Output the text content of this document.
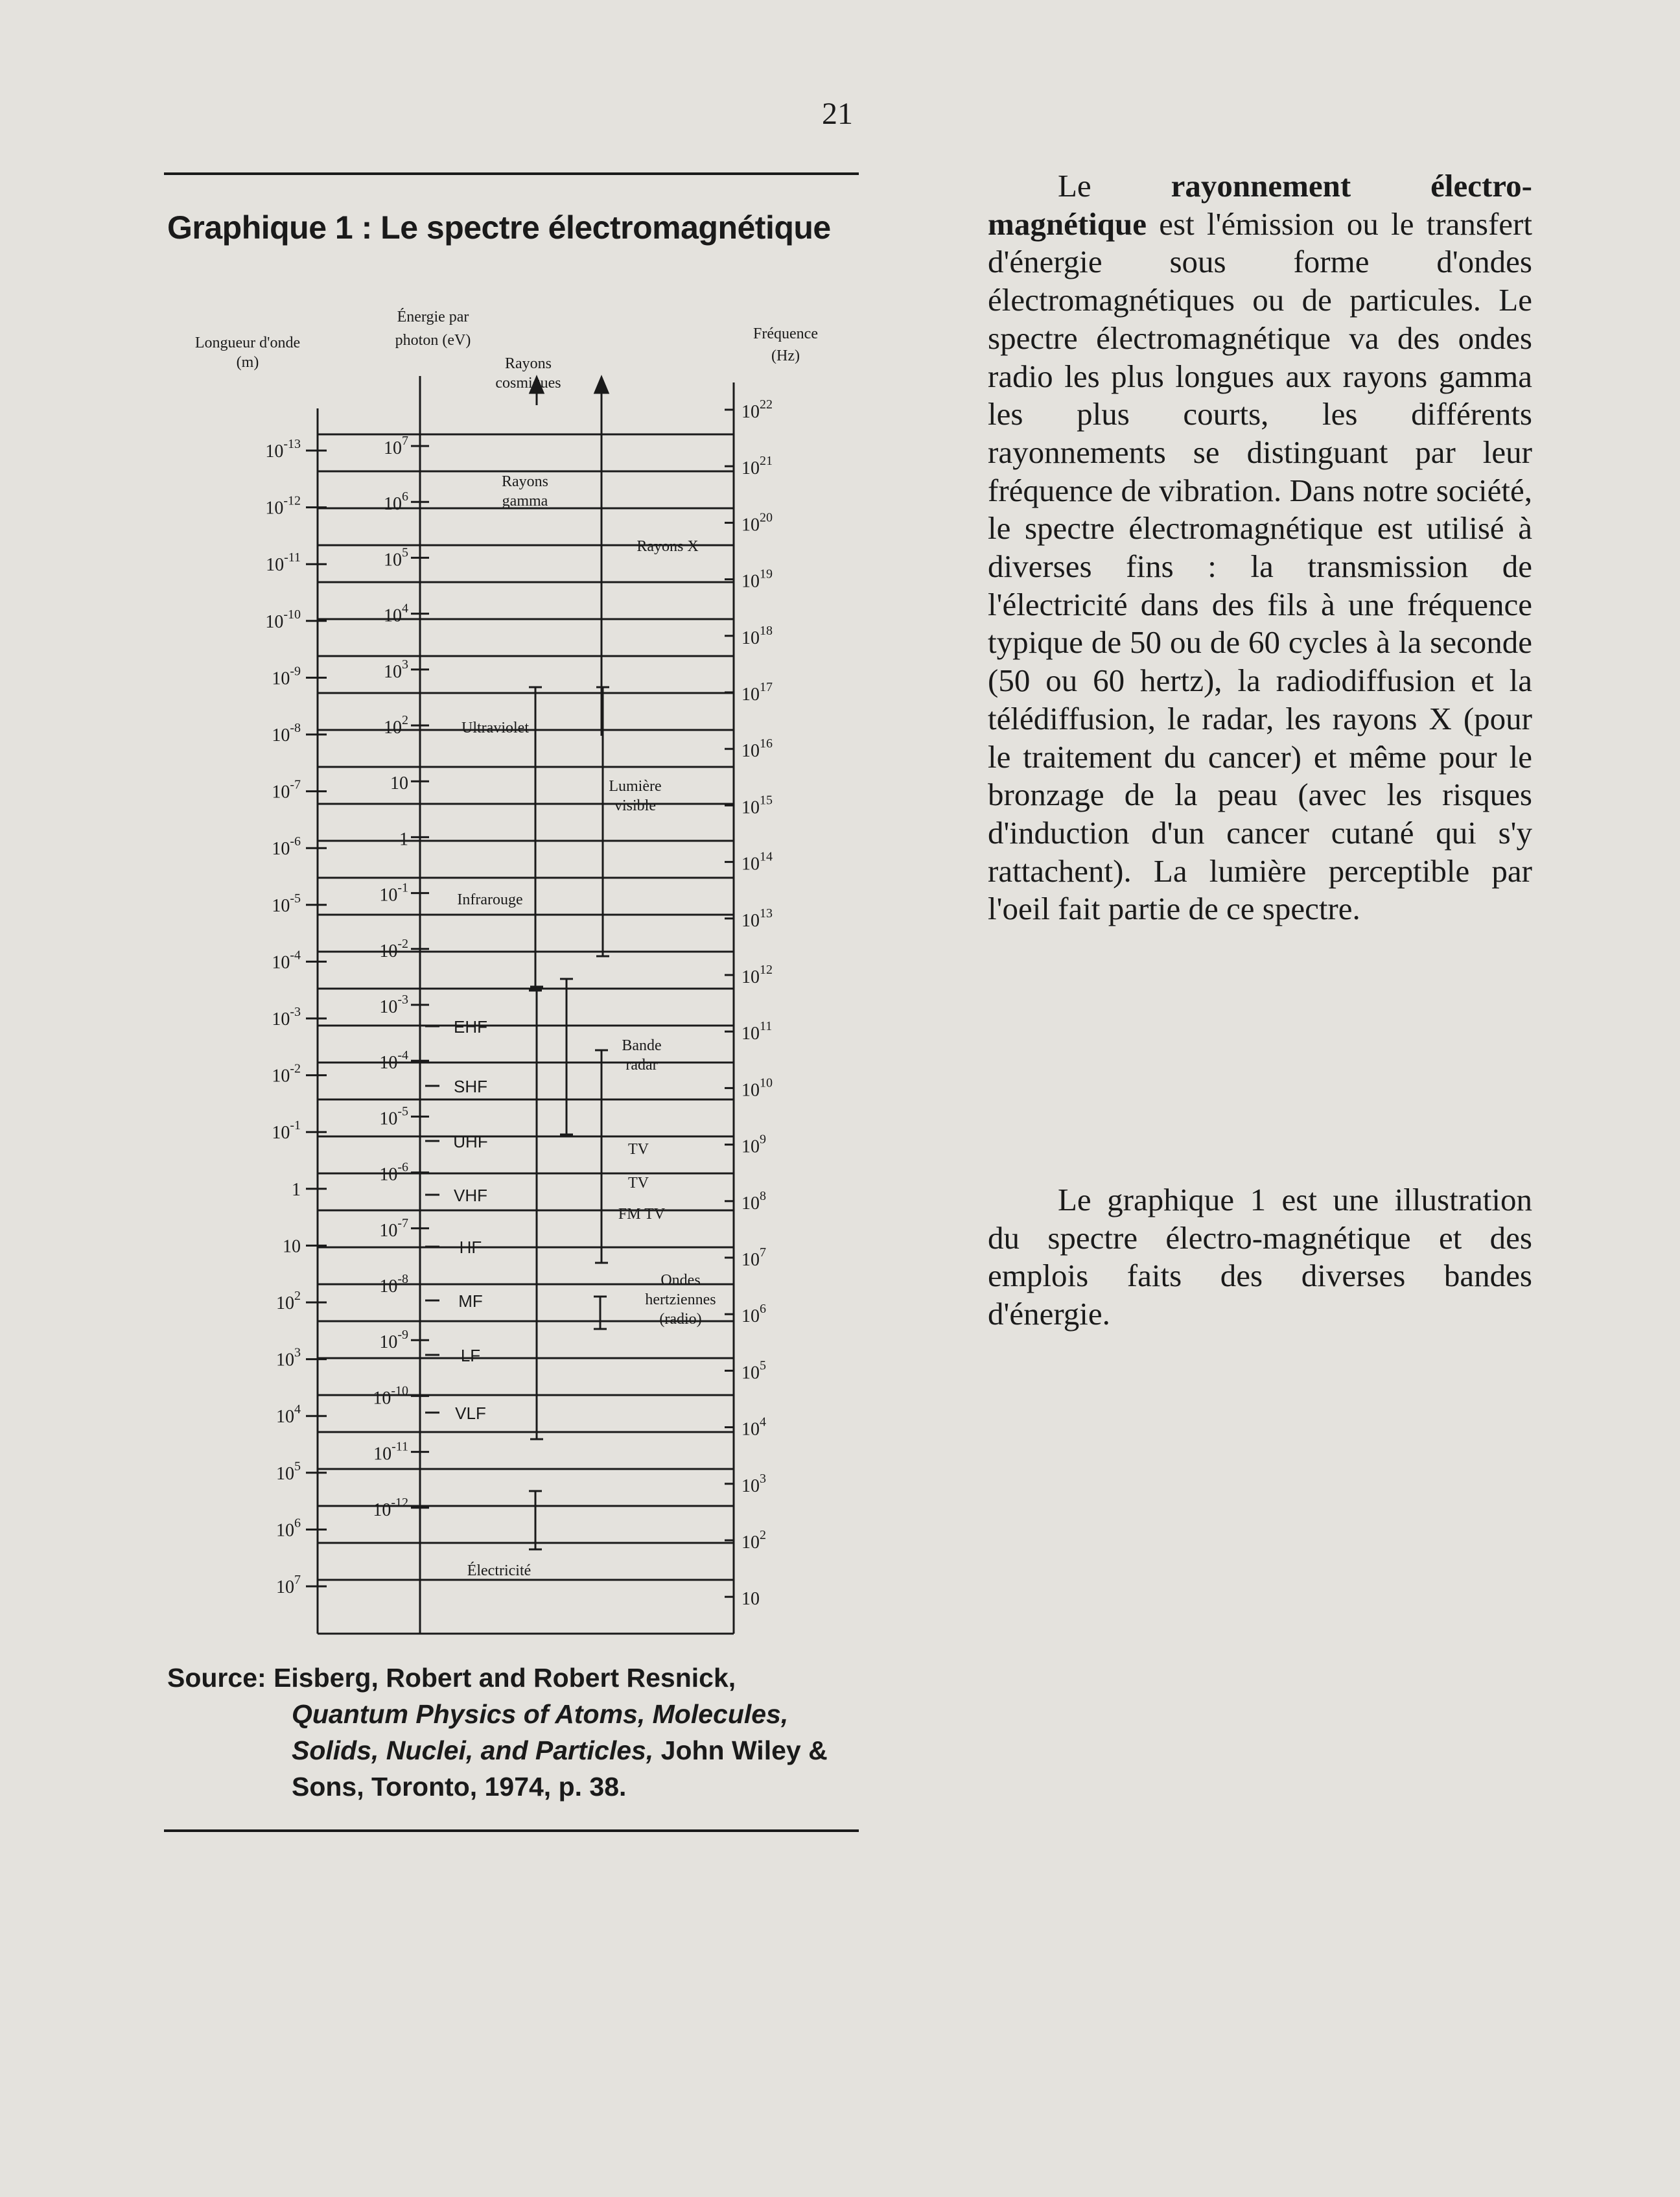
21
Graphique 1 : Le spectre électromagnétique
Longueur d'onde
(m)
Énergie par
photon (eV)	Fréquence
(Hz)
$10^{-13}$
$10^{-12}$
$10^{-11}$
$10^{-10}$
$10^{-9}$
$10^{-8}$
$10^{-7}$
$10^{-6}$
$10^{-5}$
$10^{-4}$
$10^{-3}$
$10^{-2}$
$10^{-1}$
1
10
$10^2$
$10^3$
$10^4$
$10^5$
$10^6$
$10^7$
$10^7$
$10^6$
$10^5$
$10^4$
$10^3$
$10^2$
10
1
$10^{-1}$
$10^{-2}$
$10^{-3}$
$10^{-4}$
$10^{-5}$
$10^{-6}$
$10^{-7}$
$10^{-8}$
$10^{-9}$
$10^{-10}$
$10^{-11}$
$10^{-12}$
$10^{22}$
$10^{21}$
$10^{20}$
$10^{19}$
$10^{18}$
$10^{17}$
$10^{16}$
$10^{15}$
$10^{14}$
$10^{13}$
$10^{12}$
$10^{11}$
$10^{10}$
$10^9$
$10^8$
$10^7$
$10^6$
$10^5$
$10^4$
$10^3$
$10^2$
10
EHF
SHF
UHF
VHF
HF
MF
LF
VLF
Rayons cosmiques
Rayons gamma
Rayons X
Ultraviolet
Lumière visible
Infrarouge
Bande radar
TV
TV
FM TV
Ondes hertziennes (radio)
Électricité
Source: Eisberg, Robert and Robert Resnick,
Quantum Physics of Atoms, Molecules,
Solids, Nuclei, and Particles, John Wiley &
Sons, Toronto, 1974, p. 38.

Le	rayonnement électro-magnétique est l'émission ou le transfert d'énergie sous forme d'ondes électromagnétiques ou de particules. Le spectre électromagnétique va des ondes radio les plus longues aux rayons gamma les plus courts, les différents rayonnements se distinguant par leur fréquence de vibration. Dans notre société, le spectre électromagnétique est utilisé à diverses fins : la transmission de l'électricité dans des fils à une fréquence typique de 50 ou de 60 cycles à la seconde (50 ou 60 hertz), la radiodiffusion et la télédiffusion, le radar, les rayons X (pour le traitement du cancer) et même pour le bronzage de la peau (avec les risques d'induction d'un cancer cutané qui s'y rattachent). La lumière perceptible par l'oeil fait partie de ce spectre.

Le graphique 1 est une illustration du spectre électro-magnétique et des emplois faits des diverses bandes d'énergie.
